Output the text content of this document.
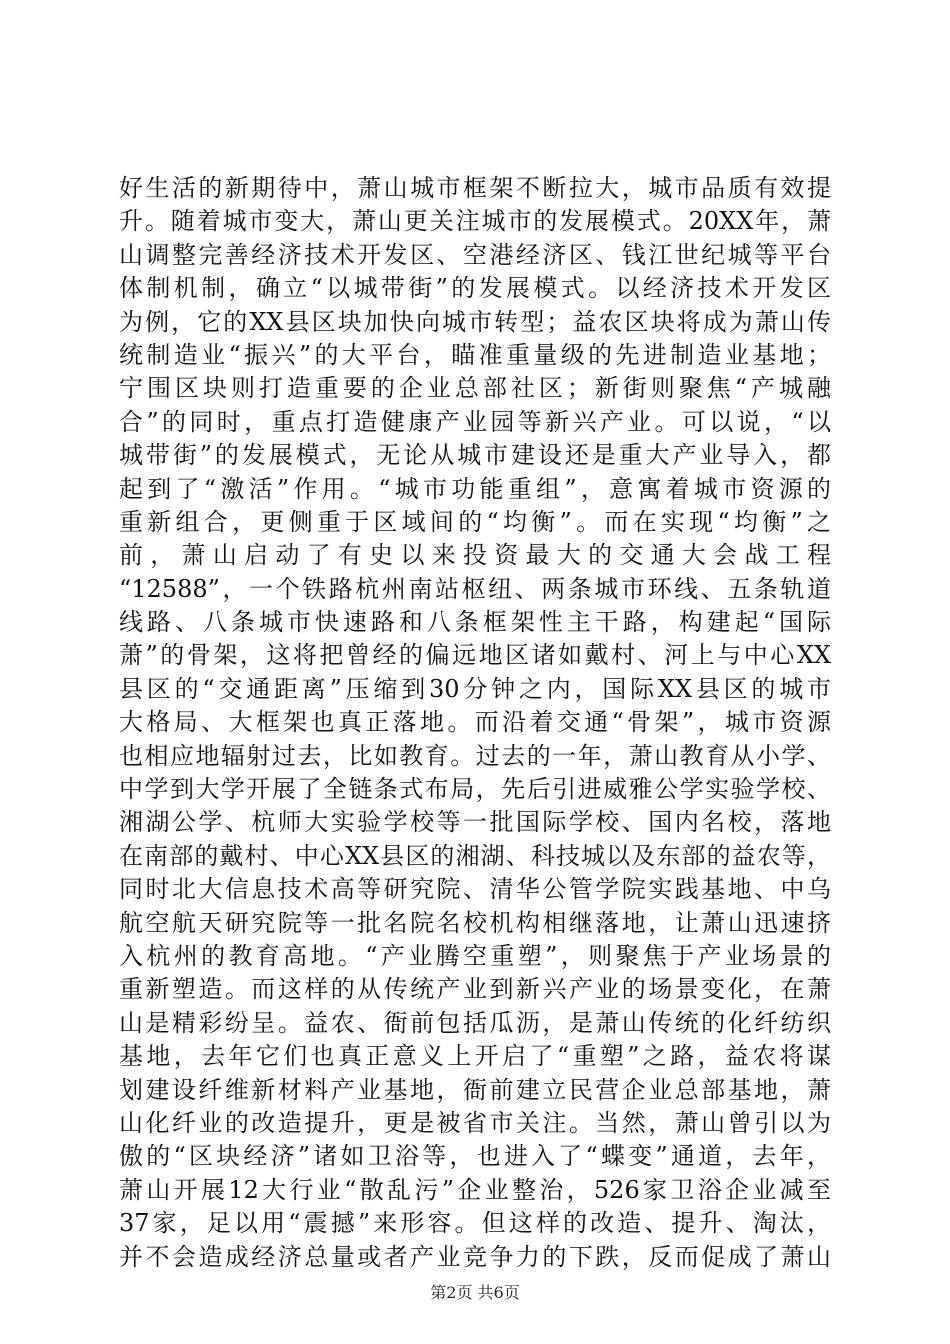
好生活的新期待中，萧山城市框架不断拉大，城市品质有效提
升。随着城市变大，萧山更关注城市的发展模式。20XX年，萧
山调整完善经济技术开发区、空港经济区、钱江世纪城等平台
体制机制，确立“以城带街”的发展模式。以经济技术开发区
为例，它的XX县区块加快向城市转型；益农区块将成为萧山传
统制造业“振兴”的大平台，瞄准重量级的先进制造业基地；
宁围区块则打造重要的企业总部社区；新街则聚焦“产城融
合”的同时，重点打造健康产业园等新兴产业。可以说，“以
城带街”的发展模式，无论从城市建设还是重大产业导入，都
起到了“激活”作用。“城市功能重组”，意寓着城市资源的
重新组合，更侧重于区域间的“均衡”。而在实现“均衡”之
前，萧山启动了有史以来投资最大的交通大会战工程
“12588”，一个铁路杭州南站枢纽、两条城市环线、五条轨道
线路、八条城市快速路和八条框架性主干路，构建起“国际
萧”的骨架，这将把曾经的偏远地区诸如戴村、河上与中心XX
县区的“交通距离”压缩到30分钟之内，国际XX县区的城市
大格局、大框架也真正落地。而沿着交通“骨架”，城市资源
也相应地辐射过去，比如教育。过去的一年，萧山教育从小学、
中学到大学开展了全链条式布局，先后引进威雅公学实验学校、
湘湖公学、杭师大实验学校等一批国际学校、国内名校，落地
在南部的戴村、中心XX县区的湘湖、科技城以及东部的益农等，
同时北大信息技术高等研究院、清华公管学院实践基地、中乌
航空航天研究院等一批名院名校机构相继落地，让萧山迅速挤
入杭州的教育高地。“产业腾空重塑”，则聚焦于产业场景的
重新塑造。而这样的从传统产业到新兴产业的场景变化，在萧
山是精彩纷呈。益农、衙前包括瓜沥，是萧山传统的化纤纺织
基地，去年它们也真正意义上开启了“重塑”之路，益农将谋
划建设纤维新材料产业基地，衙前建立民营企业总部基地，萧
山化纤业的改造提升，更是被省市关注。当然，萧山曾引以为
傲的“区块经济”诸如卫浴等，也进入了“蝶变”通道，去年，
萧山开展12大行业“散乱污”企业整治，526家卫浴企业减至
37家，足以用“震撼”来形容。但这样的改造、提升、淘汰，
并不会造成经济总量或者产业竞争力的下跌，反而促成了萧山
第2页 共6页
